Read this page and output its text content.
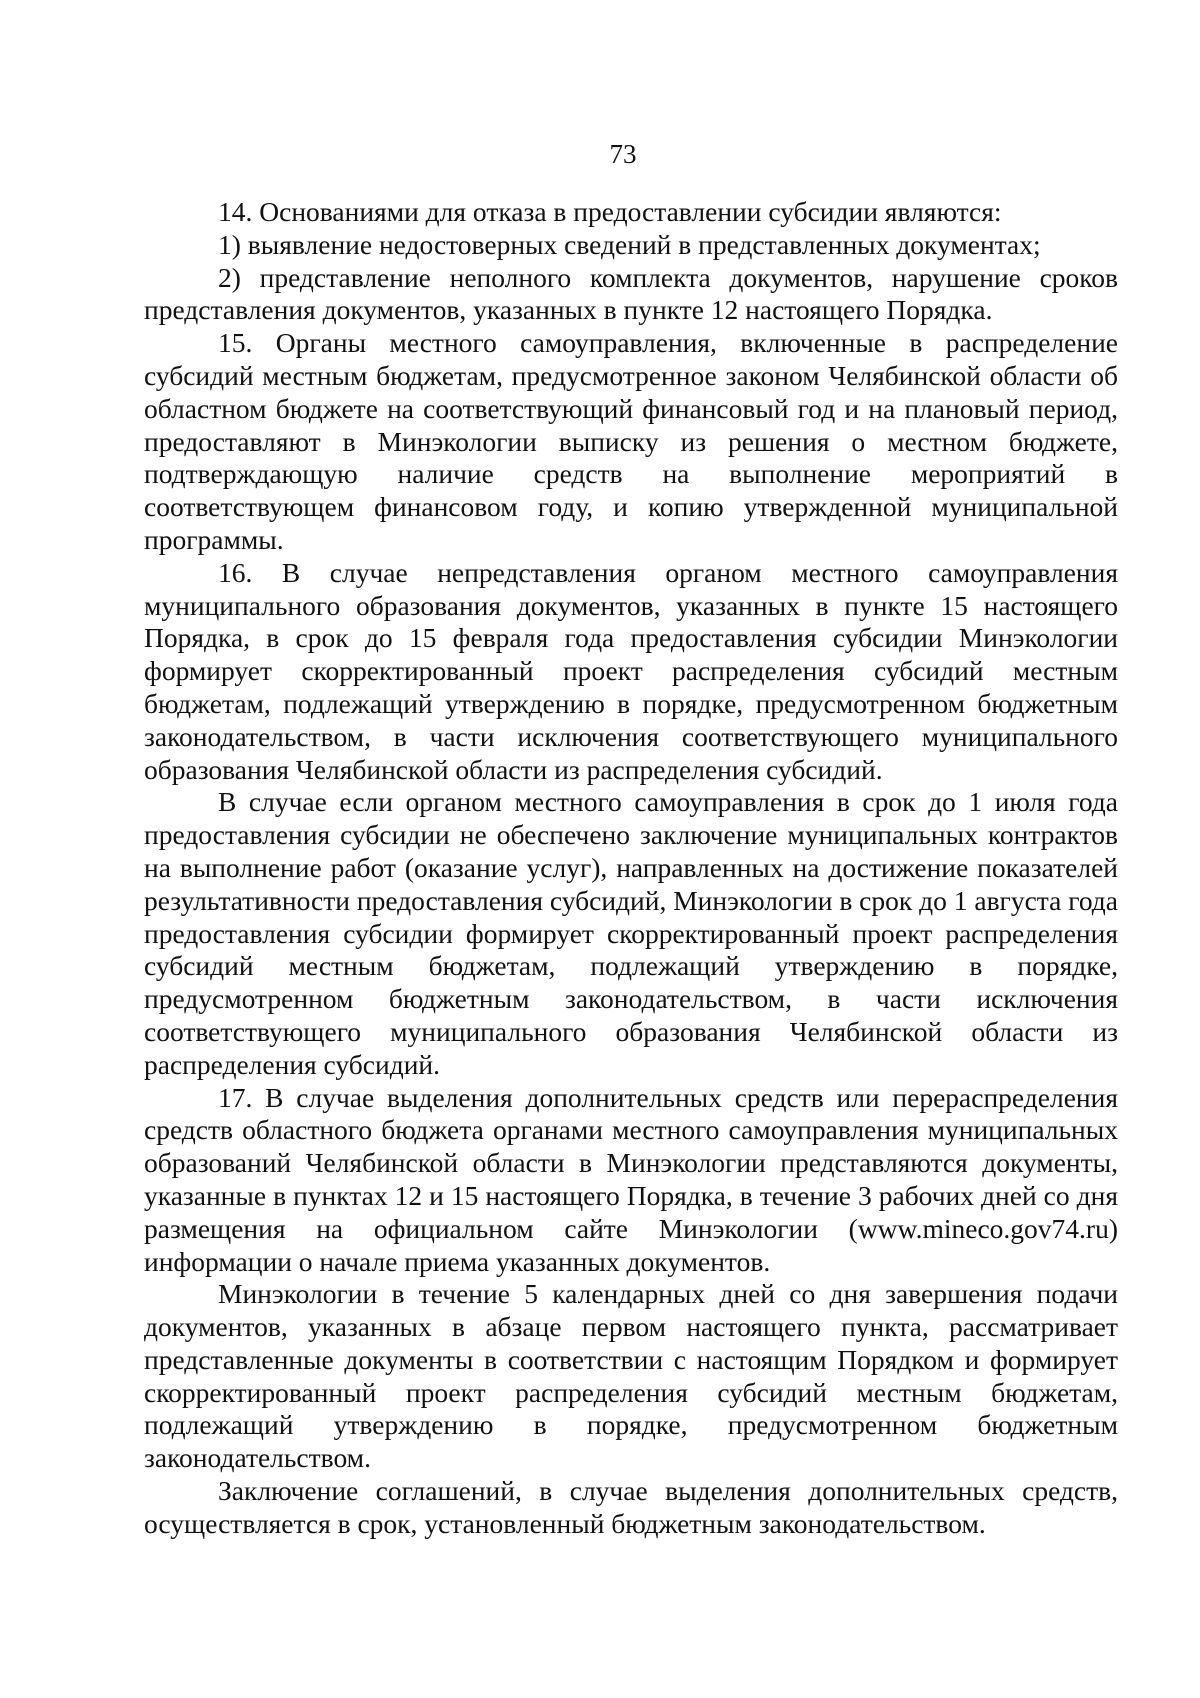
73

14. Основаниями для отказа в предоставлении субсидии являются:

1) выявление недостоверных сведений в представленных документах;

2) представление неполного комплекта документов, нарушение сроков представления документов, указанных в пункте 12 настоящего Порядка.

15. Органы местного самоуправления, включенные в распределение субсидий местным бюджетам, предусмотренное законом Челябинской области об областном бюджете на соответствующий финансовый год и на плановый период, предоставляют в Минэкологии выписку из решения о местном бюджете, подтверждающую наличие средств на выполнение мероприятий в соответствующем финансовом году, и копию утвержденной муниципальной программы.

16. В случае непредставления органом местного самоуправления муниципального образования документов, указанных в пункте 15 настоящего Порядка, в срок до 15 февраля года предоставления субсидии Минэкологии формирует скорректированный проект распределения субсидий местным бюджетам, подлежащий утверждению в порядке, предусмотренном бюджетным законодательством, в части исключения соответствующего муниципального образования Челябинской области из распределения субсидий.

В случае если органом местного самоуправления в срок до 1 июля года предоставления субсидии не обеспечено заключение муниципальных контрактов на выполнение работ (оказание услуг), направленных на достижение показателей результативности предоставления субсидий, Минэкологии в срок до 1 августа года предоставления субсидии формирует скорректированный проект распределения субсидий местным бюджетам, подлежащий утверждению в порядке, предусмотренном бюджетным законодательством, в части исключения соответствующего муниципального образования Челябинской области из распределения субсидий.

17. В случае выделения дополнительных средств или перераспределения средств областного бюджета органами местного самоуправления муниципальных образований Челябинской области в Минэкологии представляются документы, указанные в пунктах 12 и 15 настоящего Порядка, в течение 3 рабочих дней со дня размещения на официальном сайте Минэкологии (www.mineco.gov74.ru) информации о начале приема указанных документов.

Минэкологии в течение 5 календарных дней со дня завершения подачи документов, указанных в абзаце первом настоящего пункта, рассматривает представленные документы в соответствии с настоящим Порядком и формирует скорректированный проект распределения субсидий местным бюджетам, подлежащий утверждению в порядке, предусмотренном бюджетным законодательством.

Заключение соглашений, в случае выделения дополнительных средств, осуществляется в срок, установленный бюджетным законодательством.
